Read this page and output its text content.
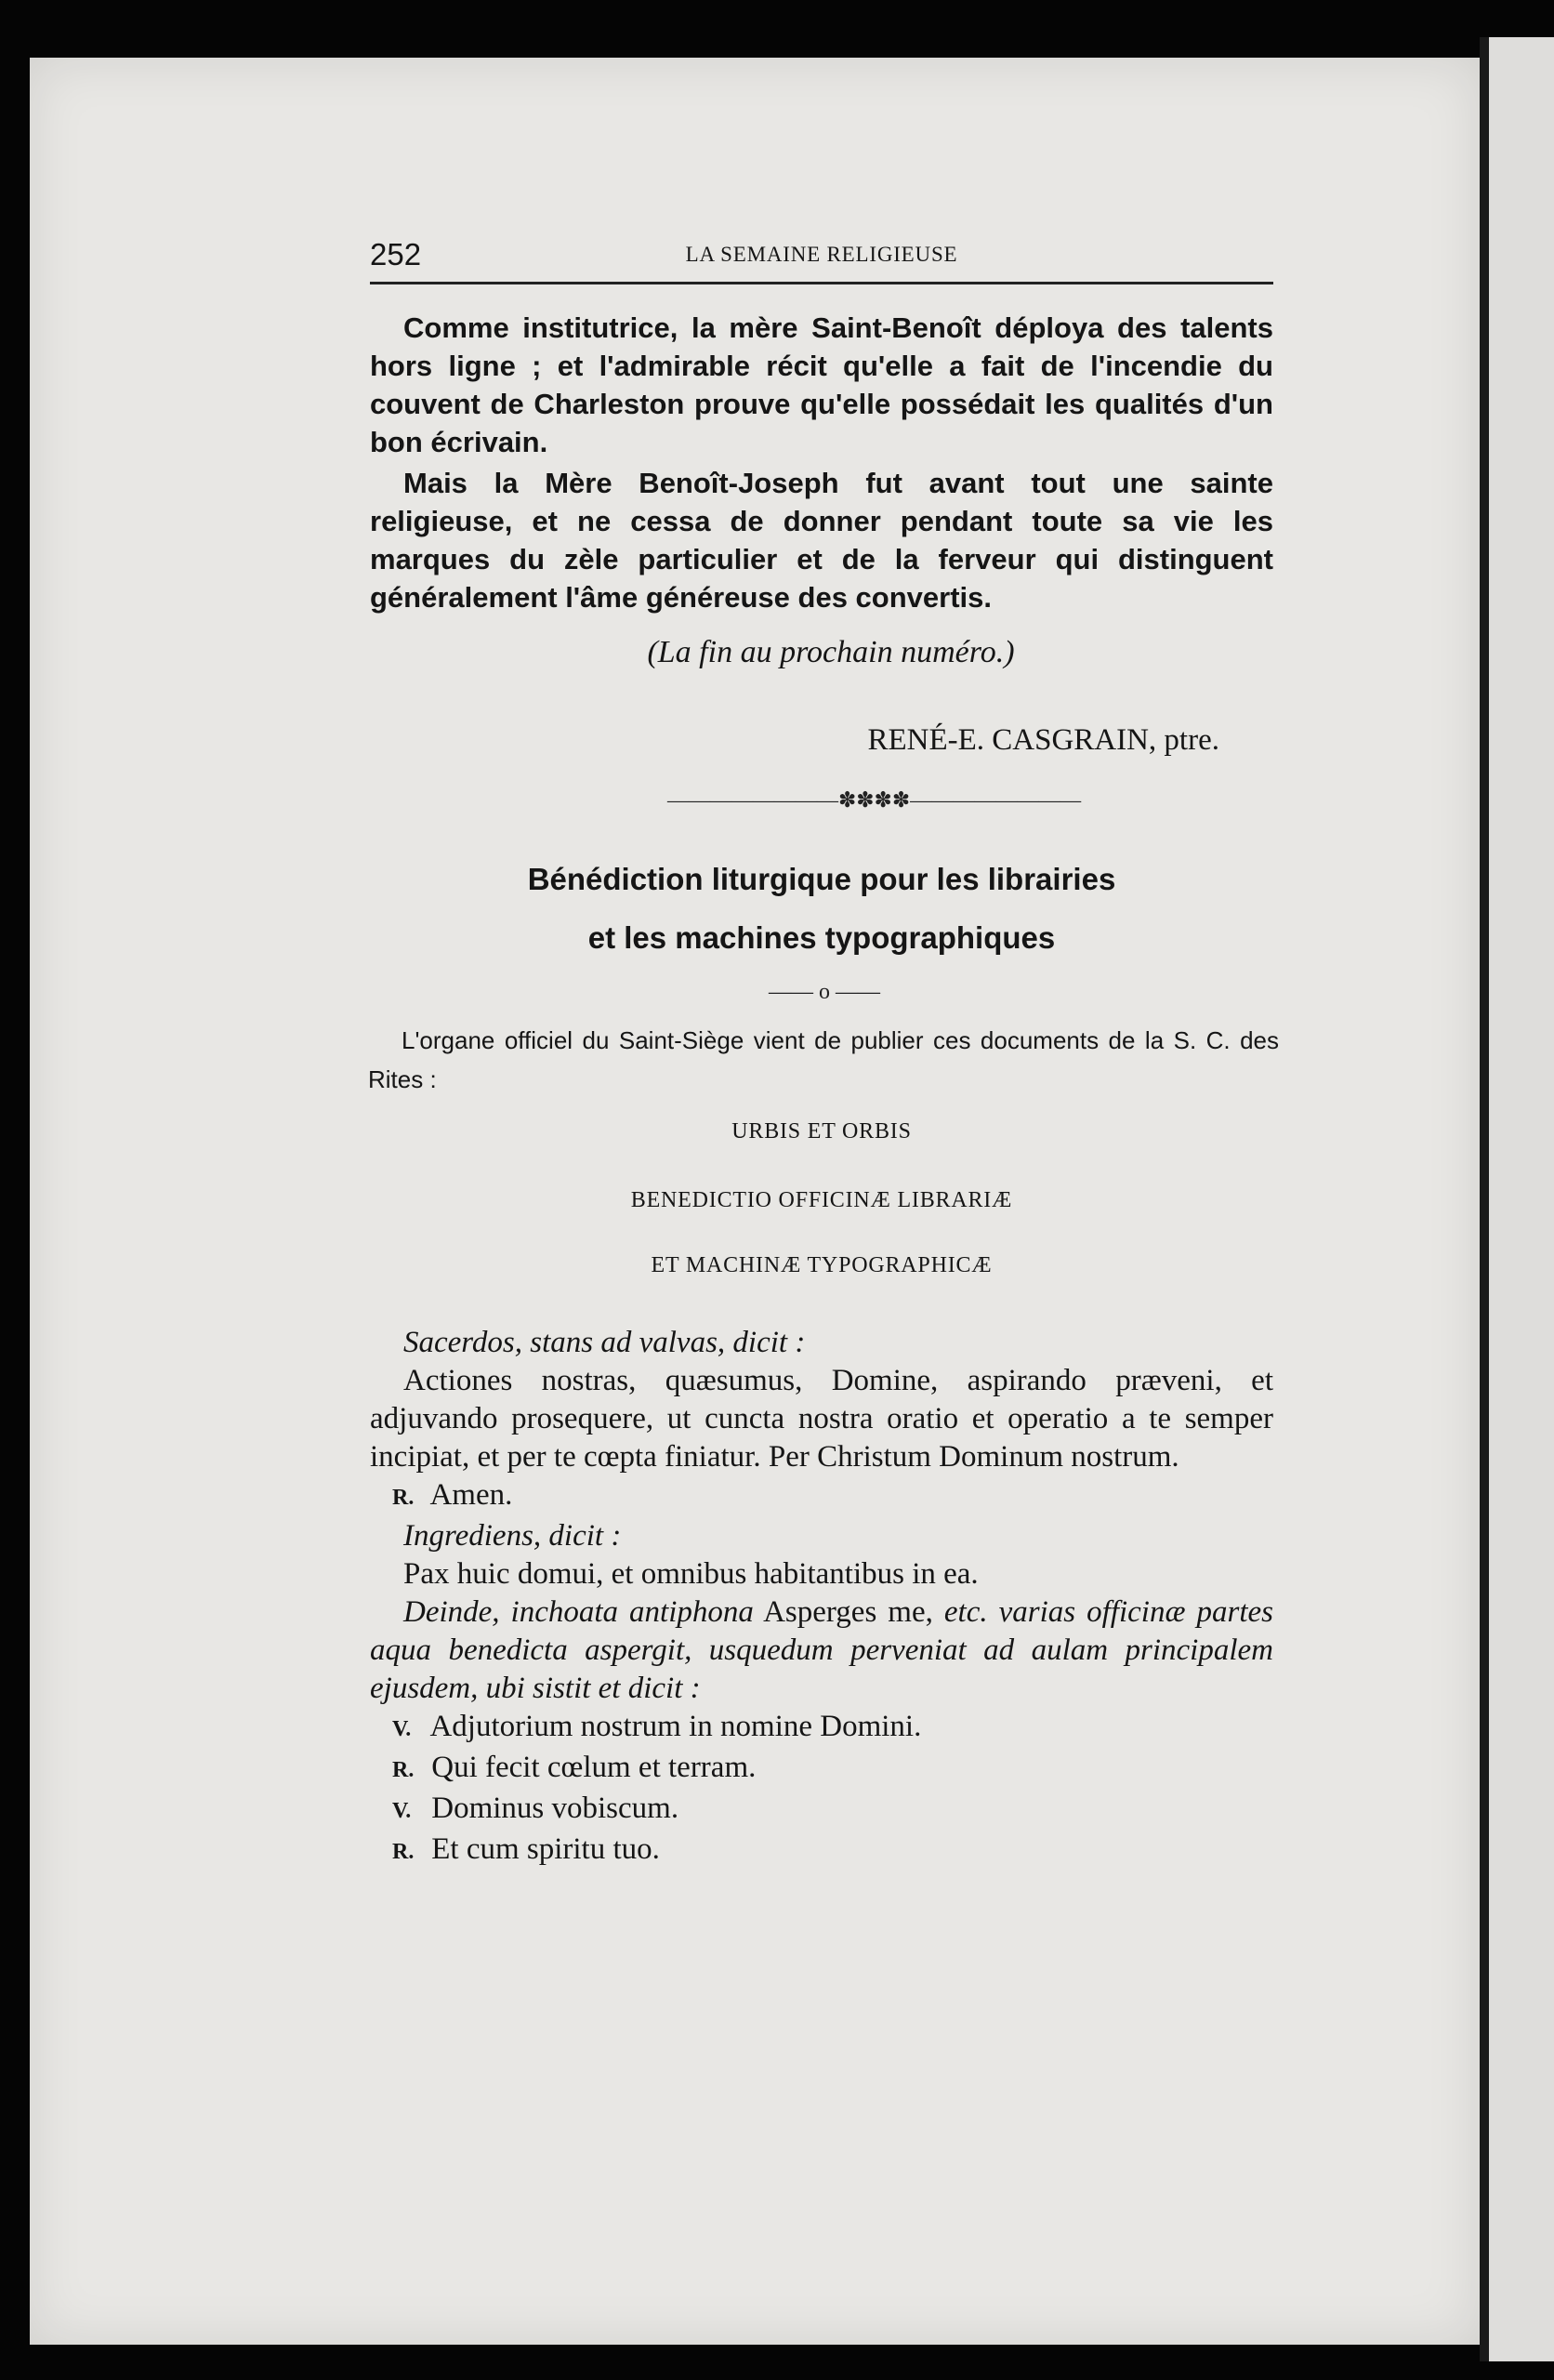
252	LA SEMAINE RELIGIEUSE

Comme institutrice, la mère Saint-Benoît déploya des talents hors ligne ; et l'admirable récit qu'elle a fait de l'incendie du couvent de Charleston prouve qu'elle possédait les qualités d'un bon écrivain.

Mais la Mère Benoît-Joseph fut avant tout une sainte religieuse, et ne cessa de donner pendant toute sa vie les marques du zèle particulier et de la ferveur qui distinguent généralement l'âme généreuse des convertis.

(La fin au prochain numéro.)

RENÉ-E. CASGRAIN, ptre.
————————✽✽✽✽————————
Bénédiction liturgique pour les librairies
et les machines typographiques
—— o ——

L'organe officiel du Saint-Siège vient de publier ces documents de la S. C. des Rites :

URBIS ET ORBIS
BENEDICTIO OFFICINÆ LIBRARIÆ
ET MACHINÆ TYPOGRAPHICÆ

Sacerdos, stans ad valvas, dicit :

Actiones nostras, quæsumus, Domine, aspirando præveni, et adjuvando prosequere, ut cuncta nostra oratio et operatio a te semper incipiat, et per te cœpta finiatur. Per Christum Dominum nostrum.

R. Amen.

Ingrediens, dicit :

Pax huic domui, et omnibus habitantibus in ea.

Deinde, inchoata antiphona Asperges me, etc. varias officinæ partes aqua benedicta aspergit, usquedum perveniat ad aulam principalem ejusdem, ubi sistit et dicit :

V. Adjutorium nostrum in nomine Domini.

R. Qui fecit cœlum et terram.

V. Dominus vobiscum.

R. Et cum spiritu tuo.
